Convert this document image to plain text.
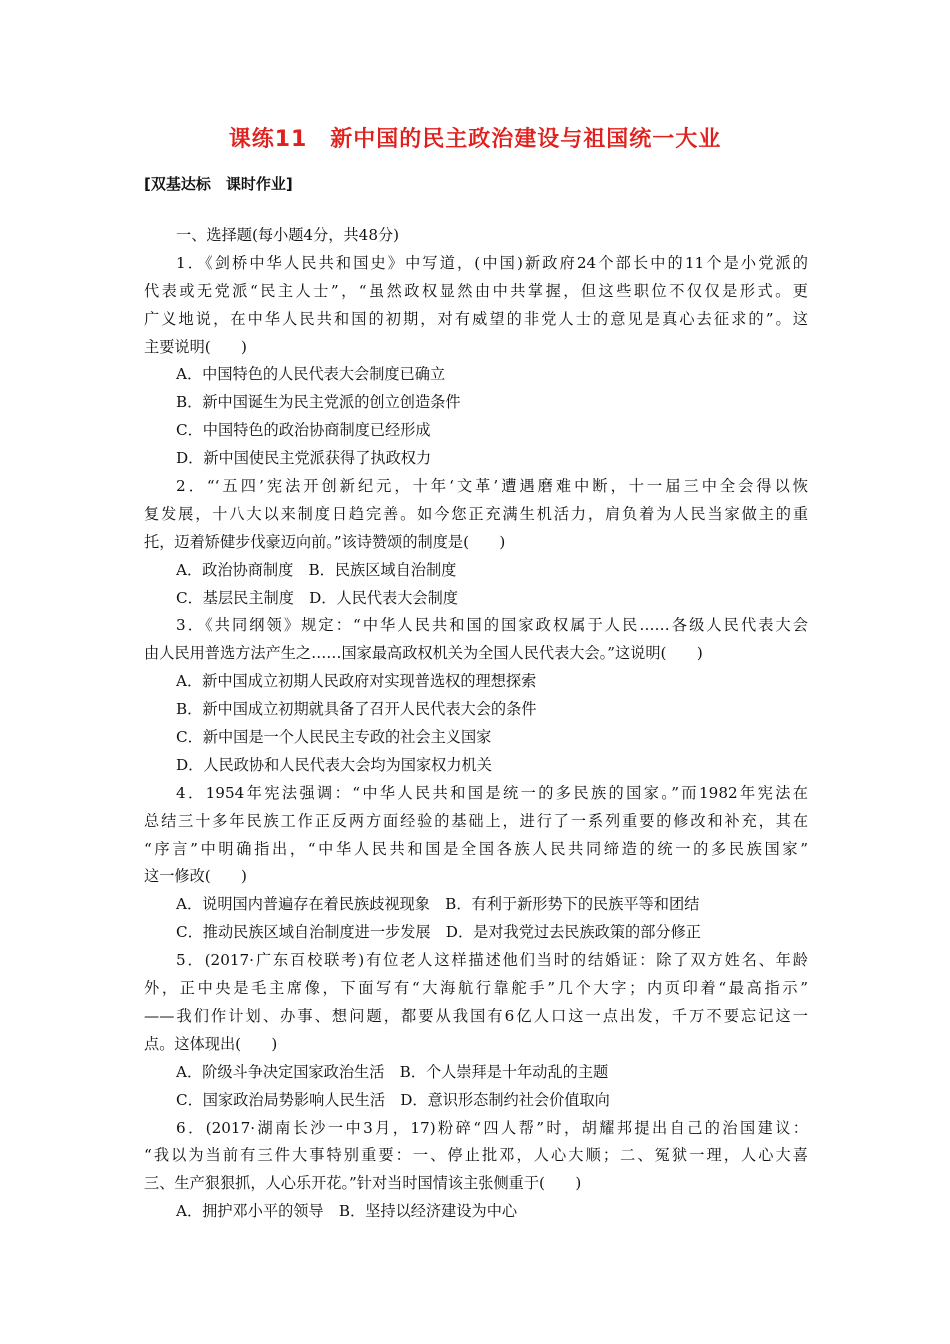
课练11　新中国的民主政治建设与祖国统一大业
[双基达标　课时作业]
一、选择题(每小题4分，共48分)
1．《剑桥中华人民共和国史》中写道，(中国)新政府24个部长中的11个是小党派的
代表或无党派“民主人士”，“虽然政权显然由中共掌握，但这些职位不仅仅是形式。更
广义地说，在中华人民共和国的初期，对有威望的非党人士的意见是真心去征求的”。这
主要说明(　　)
A．中国特色的人民代表大会制度已确立
B．新中国诞生为民主党派的创立创造条件
C．中国特色的政治协商制度已经形成
D．新中国使民主党派获得了执政权力
2．“‘五四’宪法开创新纪元，十年‘文革’遭遇磨难中断，十一届三中全会得以恢
复发展，十八大以来制度日趋完善。如今您正充满生机活力，肩负着为人民当家做主的重
托，迈着矫健步伐豪迈向前。”该诗赞颂的制度是(　　)
A．政治协商制度　B．民族区域自治制度
C．基层民主制度　D．人民代表大会制度
3．《共同纲领》规定：“中华人民共和国的国家政权属于人民……各级人民代表大会
由人民用普选方法产生之……国家最高政权机关为全国人民代表大会。”这说明(　　)
A．新中国成立初期人民政府对实现普选权的理想探索
B．新中国成立初期就具备了召开人民代表大会的条件
C．新中国是一个人民民主专政的社会主义国家
D．人民政协和人民代表大会均为国家权力机关
4．1954年宪法强调：“中华人民共和国是统一的多民族的国家。”而1982年宪法在
总结三十多年民族工作正反两方面经验的基础上，进行了一系列重要的修改和补充，其在
“序言”中明确指出，“中华人民共和国是全国各族人民共同缔造的统一的多民族国家”
这一修改(　　)
A．说明国内普遍存在着民族歧视现象　B．有利于新形势下的民族平等和团结
C．推动民族区域自治制度进一步发展　D．是对我党过去民族政策的部分修正
5．(2017·广东百校联考)有位老人这样描述他们当时的结婚证：除了双方姓名、年龄
外，正中央是毛主席像，下面写有“大海航行靠舵手”几个大字；内页印着“最高指示”
——我们作计划、办事、想问题，都要从我国有6亿人口这一点出发，千万不要忘记这一
点。这体现出(　　)
A．阶级斗争决定国家政治生活　B．个人崇拜是十年动乱的主题
C．国家政治局势影响人民生活　D．意识形态制约社会价值取向
6．(2017·湖南长沙一中3月，17)粉碎“四人帮”时，胡耀邦提出自己的治国建议：
“我以为当前有三件大事特别重要：一、停止批邓，人心大顺；二、冤狱一理，人心大喜
三、生产狠狠抓，人心乐开花。”针对当时国情该主张侧重于(　　)
A．拥护邓小平的领导　B．坚持以经济建设为中心
